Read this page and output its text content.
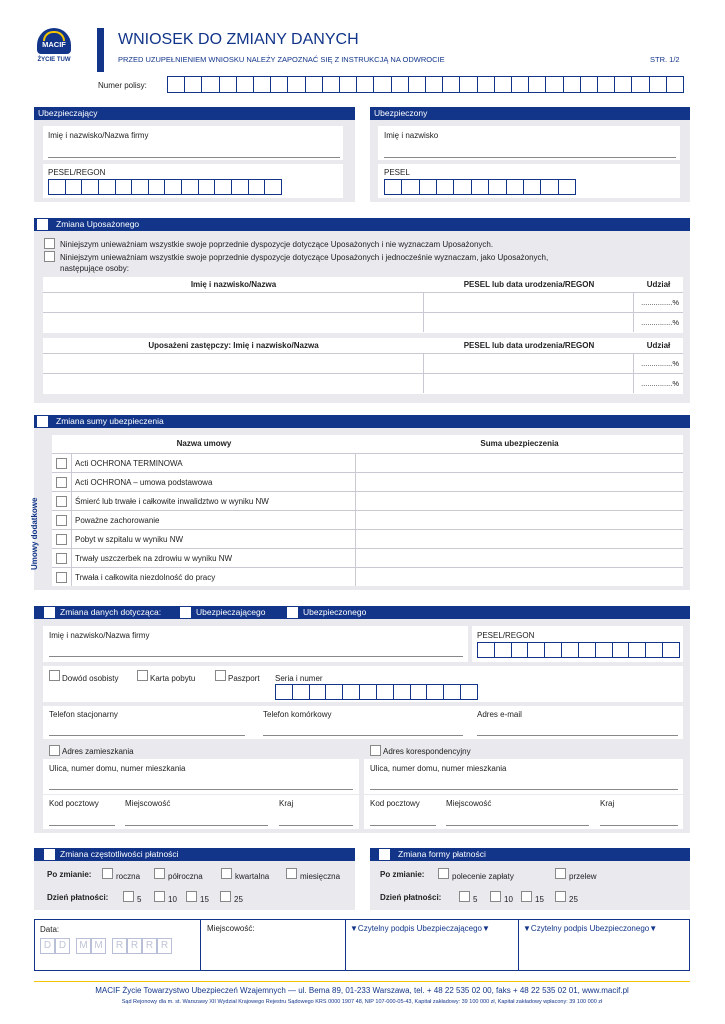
MACIF
ŻYCIE TUW
WNIOSEK DO ZMIANY DANYCH
PRZED UZUPEŁNIENIEM WNIOSKU NALEŻY ZAPOZNAĆ SIĘ Z INSTRUKCJĄ NA ODWROCIE	STR. 1/2
Numer polisy:
Ubezpieczający
Imię i nazwisko/Nazwa firmy
PESEL/REGON
Ubezpieczony
Imię i nazwisko
PESEL
Zmiana Uposażonego
Niniejszym unieważniam wszystkie swoje poprzednie dyspozycje dotyczące Uposażonych i nie wyznaczam Uposażonych.
Niniejszym unieważniam wszystkie swoje poprzednie dyspozycje dotyczące Uposażonych i jednocześnie wyznaczam, jako Uposażonych,
następujące osoby:
Imię i nazwisko/Nazwa	PESEL lub data urodzenia/REGON	Udział
...............%
...............%
Uposażeni zastępczy: Imię i nazwisko/Nazwa	PESEL lub data urodzenia/REGON	Udział
...............%
...............%
Zmiana sumy ubezpieczenia
Umowy dodatkowe
Nazwa umowy	Suma ubezpieczenia
Acti OCHRONA TERMINOWA
Acti OCHRONA – umowa podstawowa
Śmierć lub trwałe i całkowite inwalidztwo w wyniku NW
Poważne zachorowanie
Pobyt w szpitalu w wyniku NW
Trwały uszczerbek na zdrowiu w wyniku NW
Trwała i całkowita niezdolność do pracy
Zmiana danych dotycząca:	Ubezpieczającego	Ubezpieczonego
Imię i nazwisko/Nazwa firmy	PESEL/REGON
Dowód osobisty	Karta pobytu	Paszport Seria i numer
Telefon stacjonarny	Telefon komórkowy	Adres e-mail
Adres zamieszkania	Adres korespondencyjny
Ulica, numer domu, numer mieszkania	Ulica, numer domu, numer mieszkania
Kod pocztowy	Miejscowość	Kraj	Kod pocztowy	Miejscowość	Kraj
Zmiana częstotliwości płatności
Po zmianie:	roczna	półroczna	kwartalna	miesięczna
Dzień płatności:	5	10	15	25
Zmiana formy płatności
Po zmianie:	polecenie zapłaty	przelew
Dzień płatności:	5	10	15	25
Data:
D D	M M	R R R R
Miejscowość:	▼Czytelny podpis Ubezpieczającego▼	▼Czytelny podpis Ubezpieczonego▼
MACIF Życie Towarzystwo Ubezpieczeń Wzajemnych — ul. Bema 89, 01-233 Warszawa, tel. + 48 22 535 02 00, faks + 48 22 535 02 01, www.macif.pl
Sąd Rejonowy dla m. st. Warszawy XII Wydział Krajowego Rejestru Sądowego KRS 0000 1907 48, NIP 107-000-05-43, Kapitał zakładowy: 39 100 000 zł, Kapitał zakładowy wpłacony: 39 100 000 zł
